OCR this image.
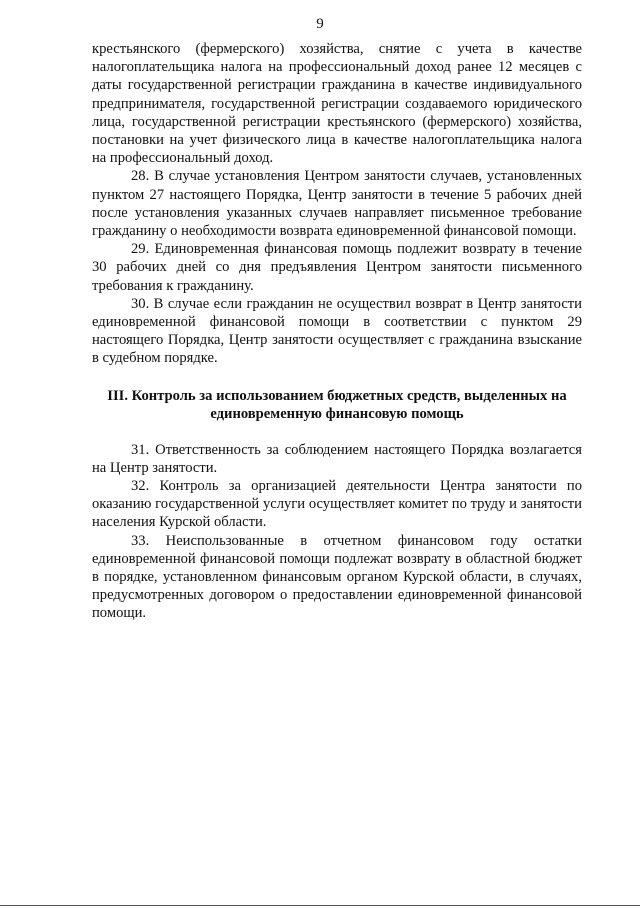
9

крестьянского (фермерского) хозяйства, снятие с учета в качестве налогоплательщика налога на профессиональный доход ранее 12 месяцев с даты государственной регистрации гражданина в качестве индивидуального предпринимателя, государственной регистрации создаваемого юридического лица, государственной регистрации крестьянского (фермерского) хозяйства, постановки на учет физического лица в качестве налогоплательщика налога на профессиональный доход.

28. В случае установления Центром занятости случаев, установленных пунктом 27 настоящего Порядка, Центр занятости в течение 5 рабочих дней после установления указанных случаев направляет письменное требование гражданину о необходимости возврата единовременной финансовой помощи.

29. Единовременная финансовая помощь подлежит возврату в течение 30 рабочих дней со дня предъявления Центром занятости письменного требования к гражданину.

30. В случае если гражданин не осуществил возврат в Центр занятости единовременной финансовой помощи в соответствии с пунктом 29 настоящего Порядка, Центр занятости осуществляет с гражданина взыскание в судебном порядке.

III. Контроль за использованием бюджетных средств, выделенных на
единовременную финансовую помощь

31. Ответственность за соблюдением настоящего Порядка возлагается на Центр занятости.

32. Контроль за организацией деятельности Центра занятости по оказанию государственной услуги осуществляет комитет по труду и занятости населения Курской области.

33. Неиспользованные в отчетном финансовом году остатки единовременной финансовой помощи подлежат возврату в областной бюджет в порядке, установленном финансовым органом Курской области, в случаях, предусмотренных договором о предоставлении единовременной финансовой помощи.
